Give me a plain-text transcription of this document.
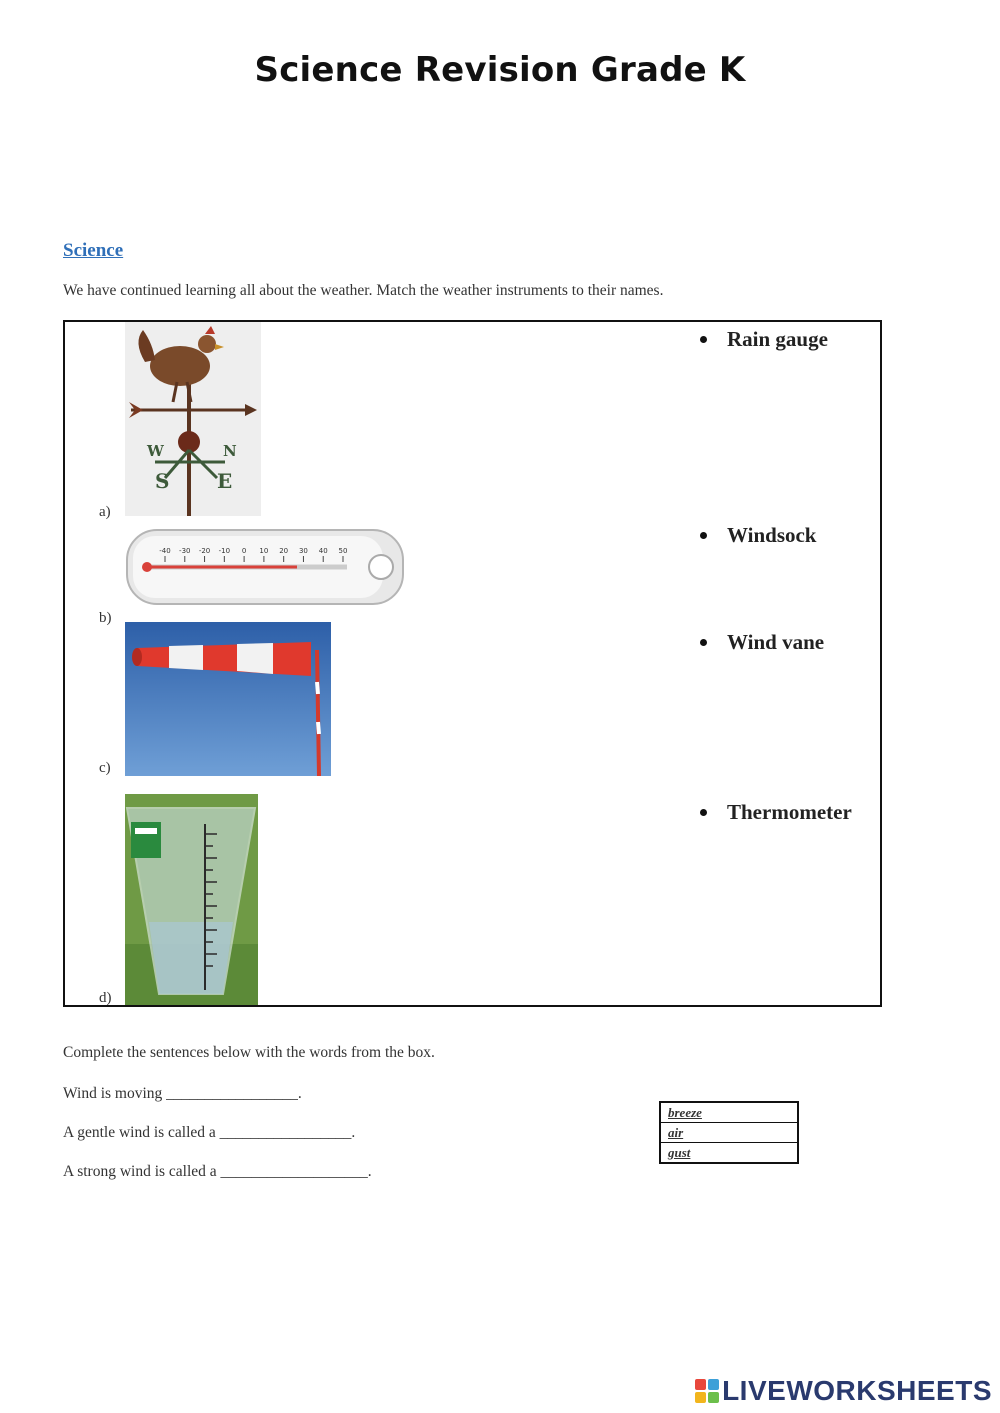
Science Revision Grade K
Science
We have continued learning all about the weather. Match the weather instruments to their names.
a)
W	N
S E
b)
-40 -30 -20 -10 0 10 20 30 40 50
c)
d)
Rain gauge
Windsock
Wind vane
Thermometer
Complete the sentences below with the words from the box.
Wind is moving _________________.
A gentle wind is called a _________________.
A strong wind is called a ___________________.
breeze
air
gust
LIVEWORKSHEETS
